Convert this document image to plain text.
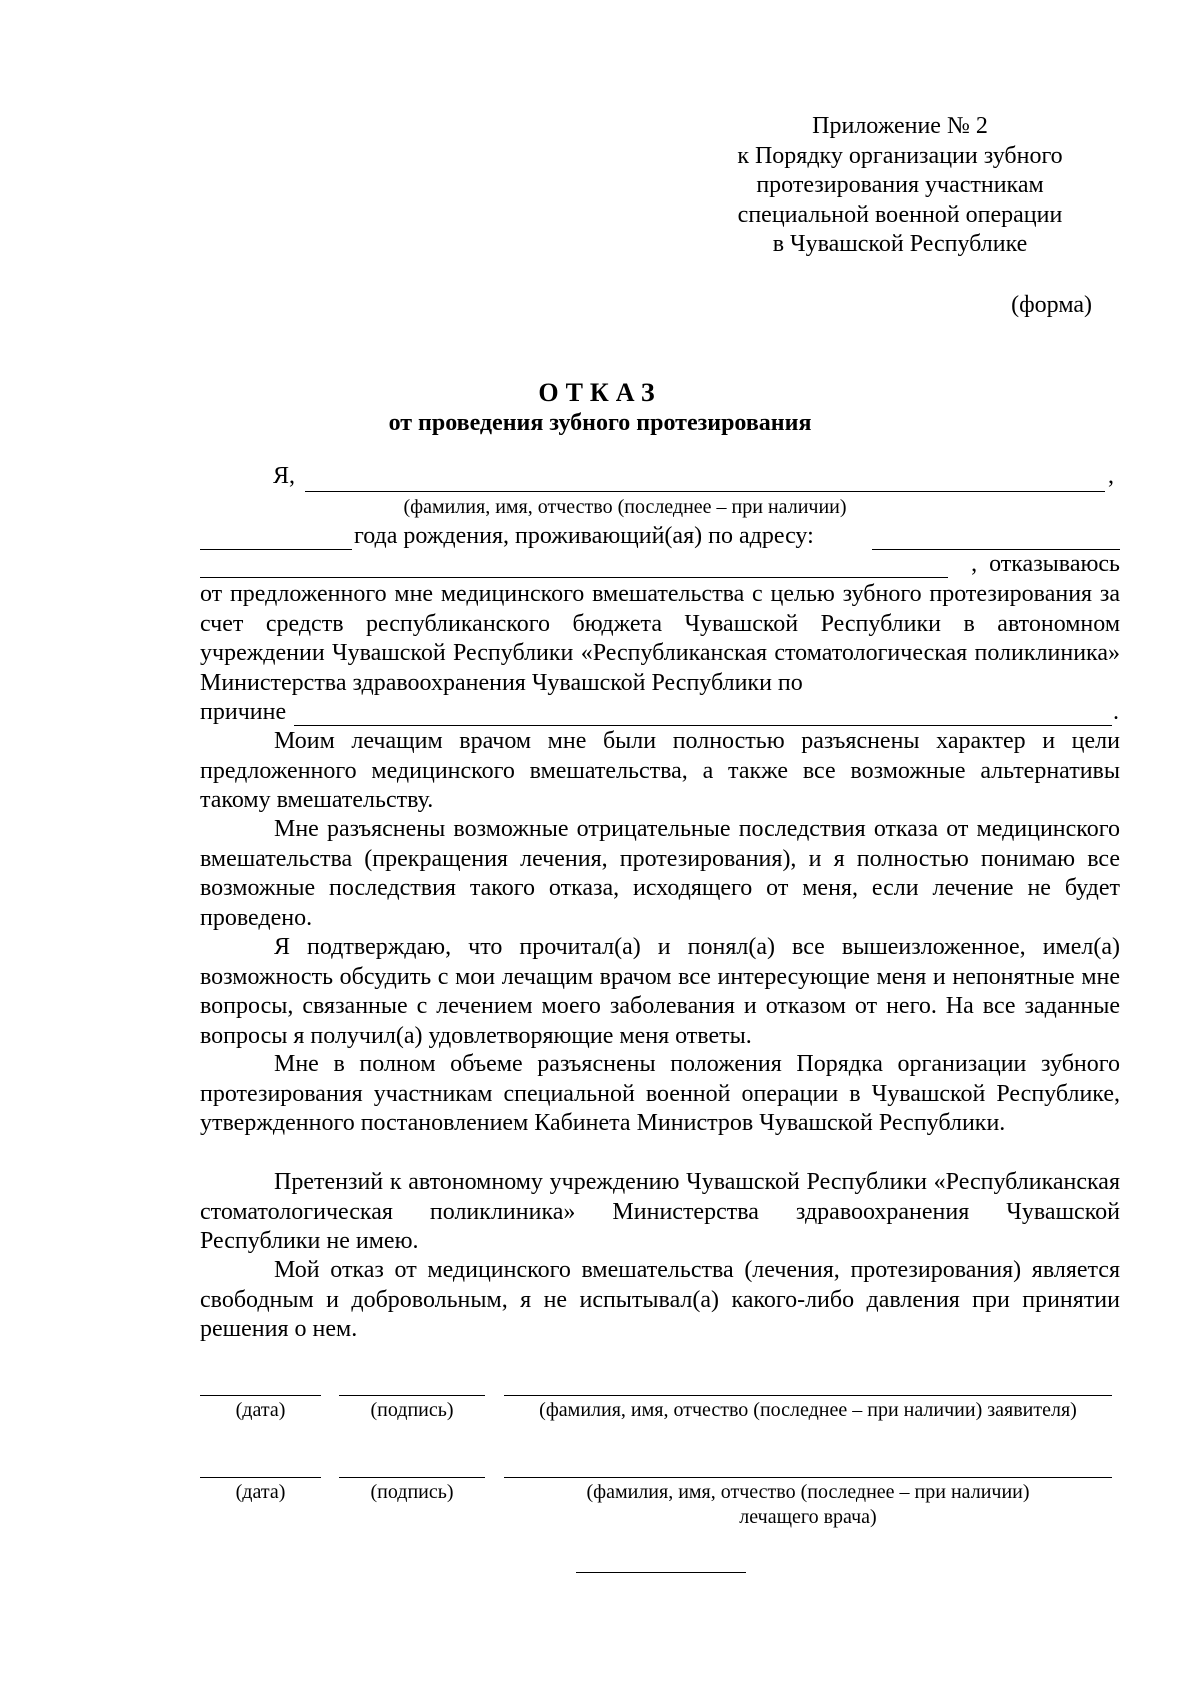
Приложение № 2
к Порядку организации зубного
протезирования участникам
специальной военной операции
в Чувашской Республике
(форма)
ОТКАЗ
от проведения зубного протезирования
Я,	,
(фамилия, имя, отчество (последнее – при наличии)
года рождения, проживающий(ая) по адресу:
,  отказываюсь
от предложенного мне медицинского вмешательства с целью зубного протезирования за счет средств республиканского бюджета Чувашской Республики в автономном учреждении Чувашской Республики «Республиканская стоматологическая поликлиника» Министерства здравоохранения Чувашской Республики по
причине	.
Моим лечащим врачом мне были полностью разъяснены характер и цели предложенного медицинского вмешательства, а также все возможные альтернативы такому вмешательству.
Мне разъяснены возможные отрицательные последствия отказа от медицинского вмешательства (прекращения лечения, протезирования), и я полностью понимаю все возможные последствия такого отказа, исходящего от меня, если лечение не будет проведено.
Я подтверждаю, что прочитал(а) и понял(а) все вышеизложенное, имел(а) возможность обсудить с мои лечащим врачом все интересующие меня и непонятные мне вопросы, связанные с лечением моего заболевания и отказом от него. На все заданные вопросы я получил(а) удовлетворяющие меня ответы.
Мне в полном объеме разъяснены положения Порядка организации зубного протезирования участникам специальной военной операции в Чувашской Республике, утвержденного постановлением Кабинета Министров Чувашской Республики.
Претензий к автономному учреждению Чувашской Республики «Республиканская стоматологическая поликлиника» Министерства здравоохранения Чувашской Республики не имею.
Мой отказ от медицинского вмешательства (лечения, протезирования) является свободным и добровольным, я не испытывал(а) какого-либо давления при принятии решения о нем.
(дата)	(подпись)	(фамилия, имя, отчество (последнее – при наличии) заявителя)
(дата)	(подпись)	(фамилия, имя, отчество (последнее – при наличии)
лечащего врача)
